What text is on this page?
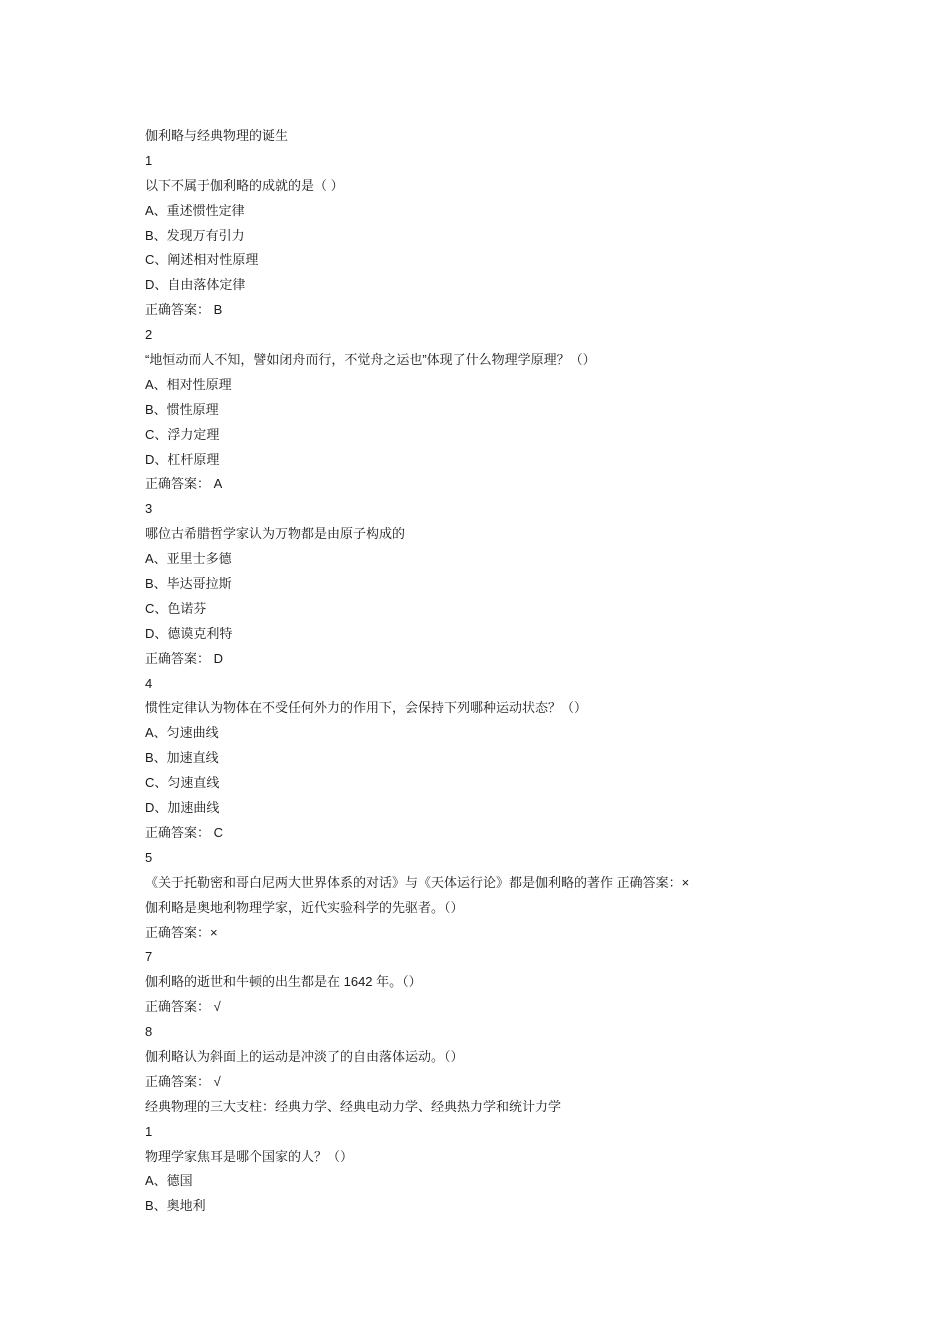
伽利略与经典物理的诞生

1

以下不属于伽利略的成就的是（ ）

A、重述惯性定律

B、发现万有引力

C、阐述相对性原理

D、自由落体定律

正确答案： B

2

“地恒动而人不知，譬如闭舟而行，不觉舟之运也”体现了什么物理学原理？（）

A、相对性原理

B、惯性原理

C、浮力定理

D、杠杆原理

正确答案： A

3

哪位古希腊哲学家认为万物都是由原子构成的

A、亚里士多德

B、毕达哥拉斯

C、色诺芬

D、德谟克利特

正确答案： D

4

惯性定律认为物体在不受任何外力的作用下，会保持下列哪种运动状态？（）

A、匀速曲线

B、加速直线

C、匀速直线

D、加速曲线

正确答案： C

5

《关于托勒密和哥白尼两大世界体系的对话》与《天体运行论》都是伽利略的著作 正确答案：×

伽利略是奥地利物理学家，近代实验科学的先驱者。（）

正确答案：×

7

伽利略的逝世和牛顿的出生都是在 1642 年。（）

正确答案： √

8

伽利略认为斜面上的运动是冲淡了的自由落体运动。（）

正确答案： √

经典物理的三大支柱：经典力学、经典电动力学、经典热力学和统计力学

1

物理学家焦耳是哪个国家的人？（）

A、德国

B、奥地利
